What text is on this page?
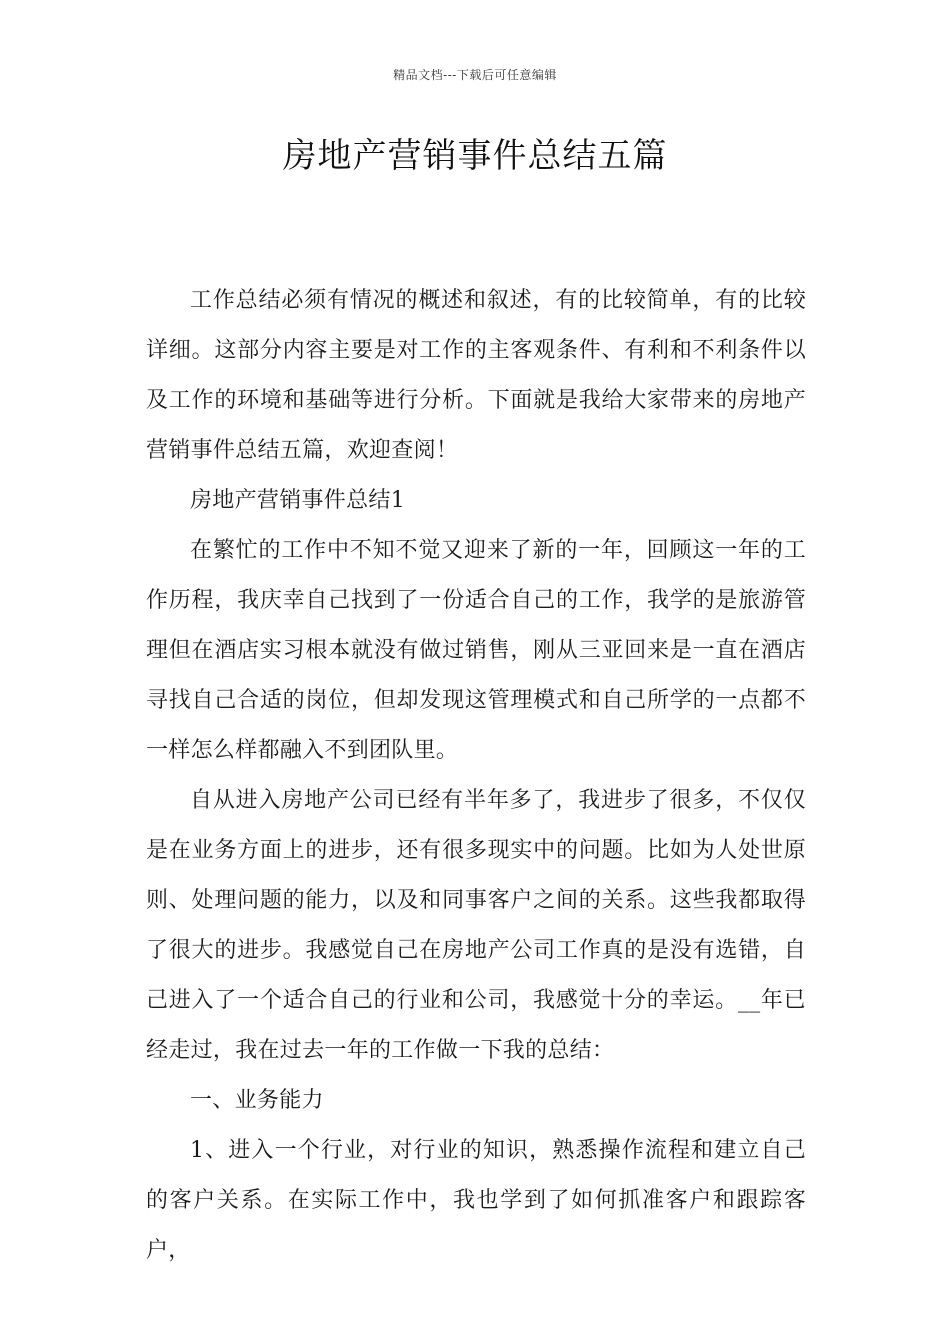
精品文档---下载后可任意编辑
房地产营销事件总结五篇

工作总结必须有情况的概述和叙述，有的比较简单，有的比较详细。这部分内容主要是对工作的主客观条件、有利和不利条件以及工作的环境和基础等进行分析。下面就是我给大家带来的房地产营销事件总结五篇，欢迎查阅！

房地产营销事件总结1

在繁忙的工作中不知不觉又迎来了新的一年，回顾这一年的工作历程，我庆幸自己找到了一份适合自己的工作，我学的是旅游管理但在酒店实习根本就没有做过销售，刚从三亚回来是一直在酒店寻找自己合适的岗位，但却发现这管理模式和自己所学的一点都不一样怎么样都融入不到团队里。

自从进入房地产公司已经有半年多了，我进步了很多，不仅仅是在业务方面上的进步，还有很多现实中的问题。比如为人处世原则、处理问题的能力，以及和同事客户之间的关系。这些我都取得了很大的进步。我感觉自己在房地产公司工作真的是没有选错，自己进入了一个适合自己的行业和公司，我感觉十分的幸运。__年已经走过，我在过去一年的工作做一下我的总结：

一、业务能力

1、进入一个行业，对行业的知识，熟悉操作流程和建立自己的客户关系。在实际工作中，我也学到了如何抓准客户和跟踪客户，
